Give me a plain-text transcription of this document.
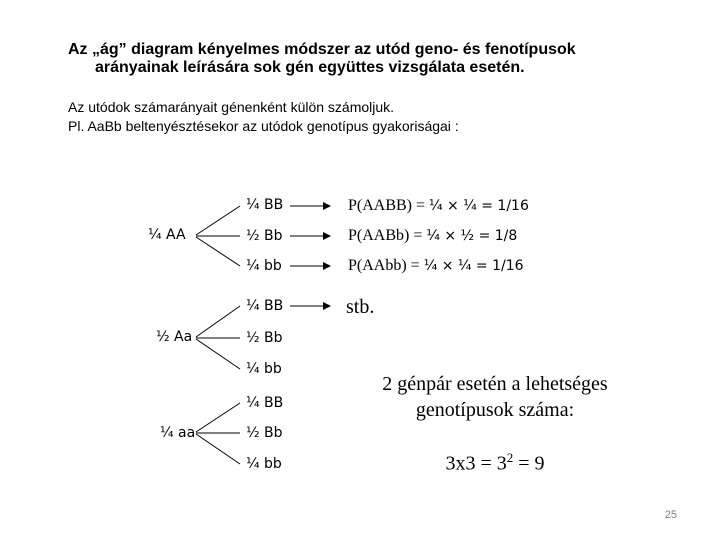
Az „ág” diagram kényelmes módszer az utód geno- és fenotípusok
arányainak leírására sok gén együttes vizsgálata esetén.
Az utódok számarányait génenként külön számoljuk.
Pl. AaBb beltenyésztésekor az utódok genotípus gyakoriságai :
¼ AA
½ Aa
¼ aa
¼ BB
½ Bb
¼ bb
¼ BB
½ Bb
¼ bb
¼ BB
½ Bb
¼ bb
P(AABB) = ¼ × ¼ = 1/16
P(AABb) = ¼ × ½ = 1/8
P(AAbb) = ¼ × ¼ = 1/16
stb.
2 génpár esetén a lehetséges
genotípusok száma:
$3x3 = 3^2 = 9$
25
